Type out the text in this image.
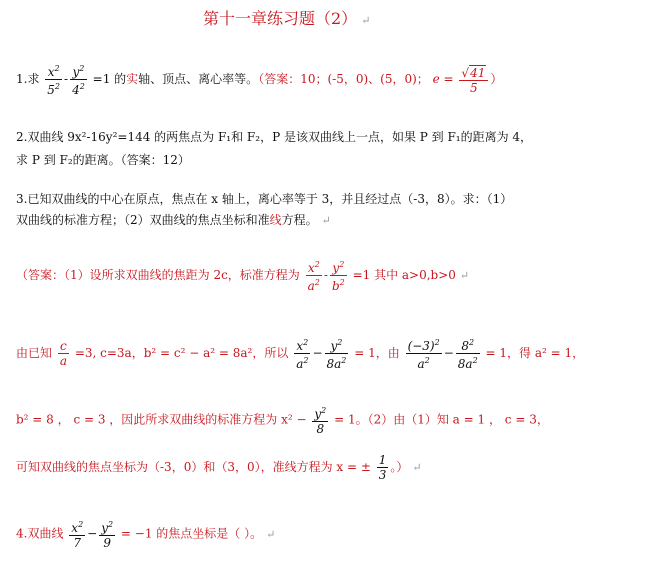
第十一章练习题（2） ↵
1.求 $\frac{x^2}{5^2} - \frac{y^2}{4^2} =1$ 的实轴、顶点、离心率等。（答案：10；(-5，0)、(5，0)； $e = \frac{√41}{5}$ ）
2.双曲线 9x²-16y²=144 的两焦点为 F₁和 F₂，P 是该双曲线上一点，如果 P 到 F₁的距离为 4，
求 P 到 F₂的距离。（答案：12）
3.已知双曲线的中心在原点，焦点在 x 轴上，离心率等于 3，并且经过点（-3，8）。求：（1）
双曲线的标准方程；（2）双曲线的焦点坐标和准线方程。 ↵
（答案：（1）设所求双曲线的焦距为 2c，标准方程为 $\frac{x^2}{a^2} - \frac{y^2}{b^2} =1$ 其中 a>0,b>0 ↵
由已知 $\frac{c}{a} =3$, c=3a，b² = c² − a² = 8a²，所以 $\frac{x^2}{a^2} - \frac{y^2}{8a^2} = 1$，由 $\frac{(-3)^2}{a^2} - \frac{8^2}{8a^2} = 1$，得 a² = 1，
b² = 8 ， c = 3 ，因此所求双曲线的标准方程为 $x^2 - \frac{y^2}{8} = 1$。（2）由（1）知 a = 1 ， c = 3，
可知双曲线的焦点坐标为（-3，0）和（3，0），准线方程为 x = ± $\frac{1}{3}$ 。） ↵
4.双曲线 $\frac{x^2}{7} - \frac{y^2}{9} = -1$ 的焦点坐标是（ ）。 ↵
